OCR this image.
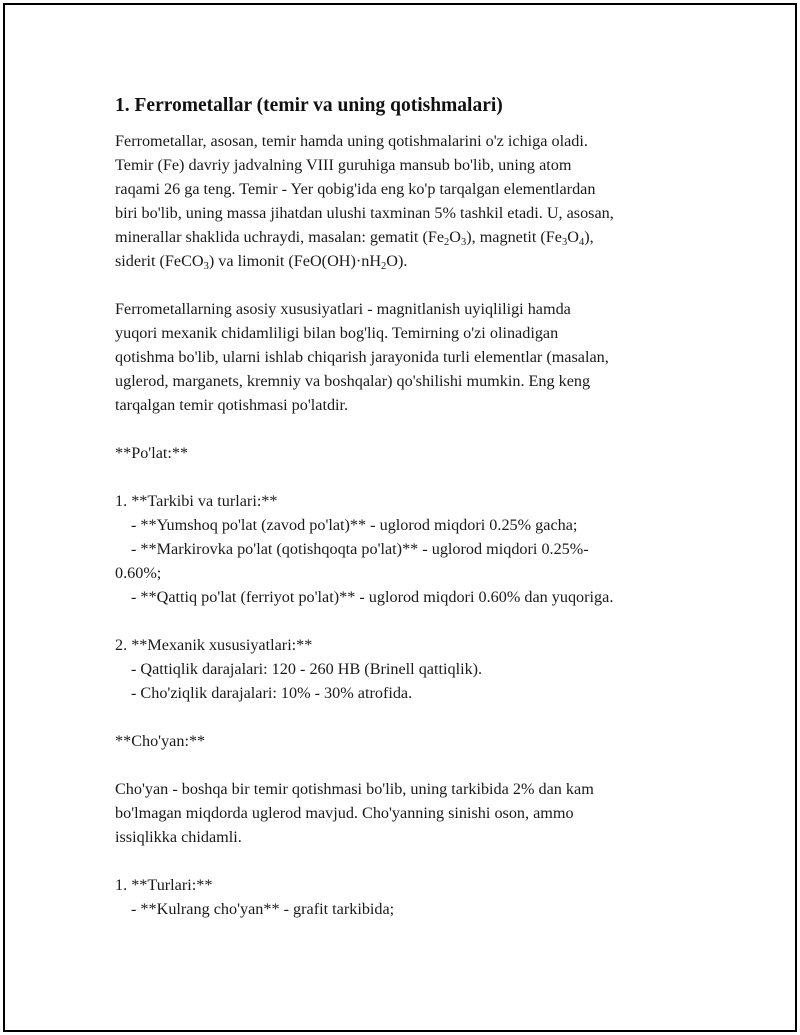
1. Ferrometallar (temir va uning qotishmalari)

Ferrometallar, asosan, temir hamda uning qotishmalarini o'z ichiga oladi.

Temir (Fe) davriy jadvalning VIII guruhiga mansub bo'lib, uning atom

raqami 26 ga teng. Temir - Yer qobig'ida eng ko'p tarqalgan elementlardan

biri bo'lib, uning massa jihatdan ulushi taxminan 5% tashkil etadi. U, asosan,

minerallar shaklida uchraydi, masalan: gematit $(Fe_2O_3)$, magnetit $(Fe_3O_4)$,

siderit (FeCO$_3$) va limonit $(FeO(OH)\cdot nH_2O)$.

Ferrometallarning asosiy xususiyatlari - magnitlanish uyiqliligi hamda

yuqori mexanik chidamliligi bilan bog'liq. Temirning o'zi olinadigan

qotishma bo'lib, ularni ishlab chiqarish jarayonida turli elementlar (masalan,

uglerod, marganets, kremniy va boshqalar) qo'shilishi mumkin. Eng keng

tarqalgan temir qotishmasi po'latdir.

**Po'lat:**

1. **Tarkibi va turlari:**

- **Yumshoq po'lat (zavod po'lat)** - uglorod miqdori 0.25% gacha;

- **Markirovka po'lat (qotishqoqta po'lat)** - uglorod miqdori 0.25%-

0.60%;

- **Qattiq po'lat (ferriyot po'lat)** - uglorod miqdori 0.60% dan yuqoriga.

2. **Mexanik xususiyatlari:**

- Qattiqlik darajalari: 120 - 260 HB (Brinell qattiqlik).

- Cho'ziqlik darajalari: 10% - 30% atrofida.

**Cho'yan:**

Cho'yan - boshqa bir temir qotishmasi bo'lib, uning tarkibida 2% dan kam

bo'lmagan miqdorda uglerod mavjud. Cho'yanning sinishi oson, ammo

issiqlikka chidamli.

1. **Turlari:**

- **Kulrang cho'yan** - grafit tarkibida;
